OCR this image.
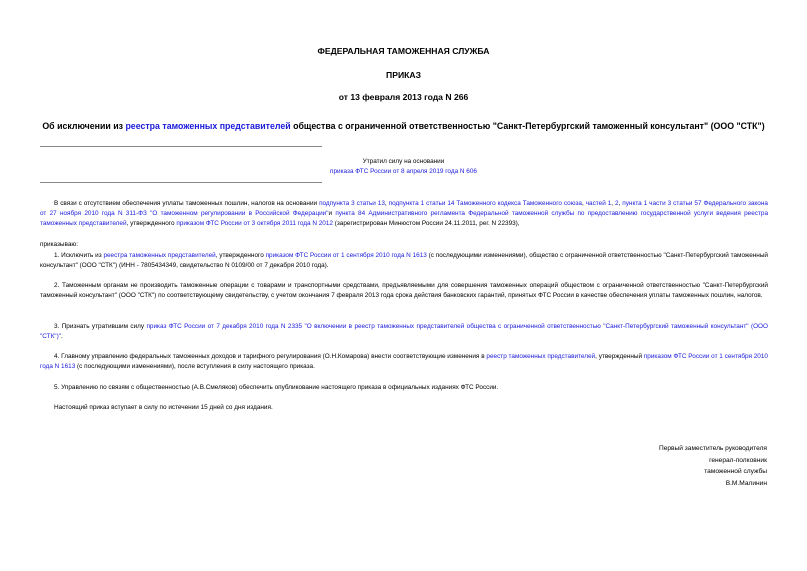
ФЕДЕРАЛЬНАЯ ТАМОЖЕННАЯ СЛУЖБА
ПРИКАЗ
от 13 февраля 2013 года N 266
Об исключении из реестра таможенных представителей общества с ограниченной ответственностью "Санкт-Петербургский таможенный консультант" (ООО "СТК")
Утратил силу на основании
приказа ФТС России от 8 апреля 2019 года N 606
В связи с отсутствием обеспечения уплаты таможенных пошлин, налогов на основании подпункта 3 статьи 13, подпункта 1 статьи 14 Таможенного кодекса Таможенного союза, частей 1, 2, пункта 1 части 3 статьи 57 Федерального закона от 27 ноября 2010 года N 311-ФЗ "О таможенном регулировании в Российской Федерации"и пункта 84 Административного регламента Федеральной таможенной службы по предоставлению государственной услуги ведения реестра таможенных представителей, утвержденного приказом ФТС России от 3 октября 2011 года N 2012 (зарегистрирован Минюстом России 24.11.2011, рег. N 22393),
приказываю:
1. Исключить из реестра таможенных представителей, утвержденного приказом ФТС России от 1 сентября 2010 года N 1613 (с последующими изменениями), общество с ограниченной ответственностью "Санкт-Петербургский таможенный консультант" (ООО "СТК") (ИНН - 7805434349, свидетельство N 0109/00 от 7 декабря 2010 года).
2. Таможенным органам не производить таможенные операции с товарами и транспортными средствами, предъявляемыми для совершения таможенных операций обществом с ограниченной ответственностью "Санкт-Петербургский таможенный консультант" (ООО "СТК") по соответствующему свидетельству, с учетом окончания 7 февраля 2013 года срока действия банковских гарантий, принятых ФТС России в качестве обеспечения уплаты таможенных пошлин, налогов.
3. Признать утратившим силу приказ ФТС России от 7 декабря 2010 года N 2335 "О включении в реестр таможенных представителей общества с ограниченной ответственностью "Санкт-Петербургский таможенный консультант" (ООО "СТК")".
4. Главному управлению федеральных таможенных доходов и тарифного регулирования (О.Н.Комарова) внести соответствующие изменения в реестр таможенных представителей, утвержденный приказом ФТС России от 1 сентября 2010 года N 1613 (с последующими изменениями), после вступления в силу настоящего приказа.
5. Управлению по связям с общественностью (А.В.Смеляков) обеспечить опубликование настоящего приказа в официальных изданиях ФТС России.
Настоящий приказ вступает в силу по истечении 15 дней со дня издания.
Первый заместитель руководителя
генерал-полковник
таможенной службы
В.М.Малинин
